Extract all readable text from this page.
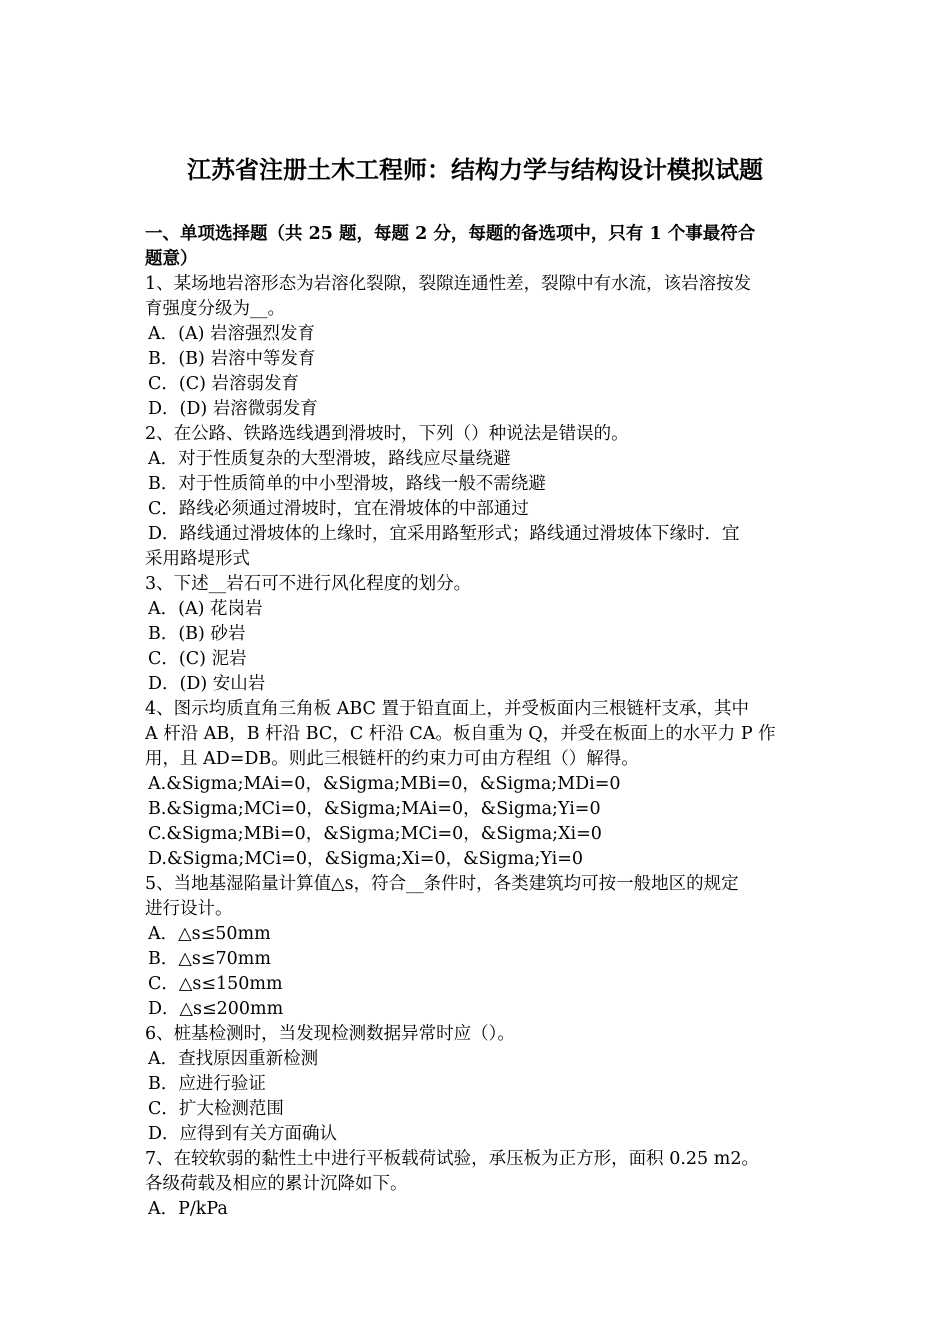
江苏省注册土木工程师：结构力学与结构设计模拟试题
一、单项选择题（共 25 题，每题 2 分，每题的备选项中，只有 1 个事最符合
题意）
1、某场地岩溶形态为岩溶化裂隙，裂隙连通性差，裂隙中有水流，该岩溶按发
育强度分级为__。
A．(A) 岩溶强烈发育
B．(B) 岩溶中等发育
C．(C) 岩溶弱发育
D．(D) 岩溶微弱发育
2、在公路、铁路选线遇到滑坡时，下列（）种说法是错误的。
A．对于性质复杂的大型滑坡，路线应尽量绕避
B．对于性质简单的中小型滑坡，路线一般不需绕避
C．路线必须通过滑坡时，宜在滑坡体的中部通过
D．路线通过滑坡体的上缘时，宜采用路堑形式；路线通过滑坡体下缘时．宜
采用路堤形式
3、下述__岩石可不进行风化程度的划分。
A．(A) 花岗岩
B．(B) 砂岩
C．(C) 泥岩
D．(D) 安山岩
4、图示均质直角三角板 ABC 置于铅直面上，并受板面内三根链杆支承，其中
A 杆沿 AB，B 杆沿 BC，C 杆沿 CA。板自重为 Q，并受在板面上的水平力 P 作
用，且 AD=DB。则此三根链杆的约束力可由方程组（）解得。
A.&Sigma;MAi=0，&Sigma;MBi=0，&Sigma;MDi=0
B.&Sigma;MCi=0，&Sigma;MAi=0，&Sigma;Yi=0
C.&Sigma;MBi=0，&Sigma;MCi=0，&Sigma;Xi=0
D.&Sigma;MCi=0，&Sigma;Xi=0，&Sigma;Yi=0
5、当地基湿陷量计算值△s，符合__条件时，各类建筑均可按一般地区的规定
进行设计。
A．△s≤50mm
B．△s≤70mm
C．△s≤150mm
D．△s≤200mm
6、桩基检测时，当发现检测数据异常时应（）。
A．查找原因重新检测
B．应进行验证
C．扩大检测范围
D．应得到有关方面确认
7、在较软弱的黏性土中进行平板载荷试验，承压板为正方形，面积 0.25 m2。
各级荷载及相应的累计沉降如下。
A．P/kPa
